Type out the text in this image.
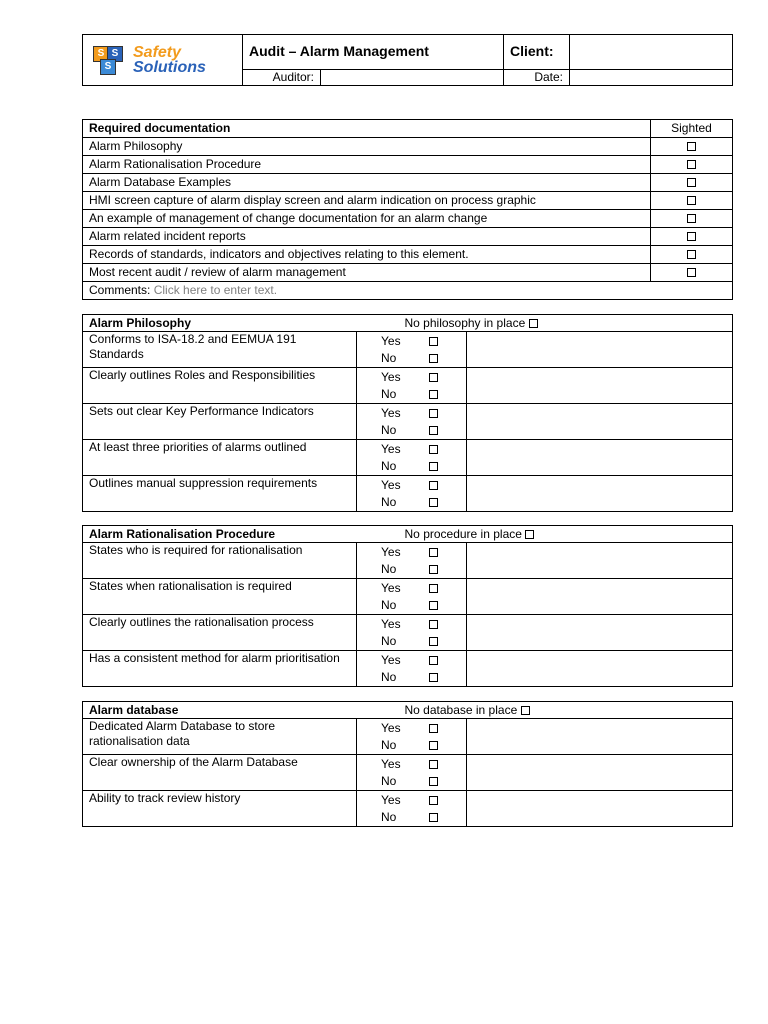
S S
S
Safety
Solutions	Audit – Alarm Management		Client:	
	Auditor:		Date:	
Required documentation	Sighted
Alarm Philosophy	
Alarm Rationalisation Procedure	
Alarm Database Examples	
HMI screen capture of alarm display screen and alarm indication on process graphic	
An example of management of change documentation for an alarm change	
Alarm related incident reports	
Records of standards, indicators and objectives relating to this element.	
Most recent audit / review of alarm management	
Comments: Click here to enter text.	
Alarm Philosophy		No philosophy in place	
Conforms to ISA-18.2 and EEMUA 191 Standards	Yes
No		

Clearly outlines Roles and Responsibilities	Yes
No		

Sets out clear Key Performance Indicators	Yes
No		

At least three priorities of alarms outlined	Yes
No		

Outlines manual suppression requirements	Yes
No		

Alarm Rationalisation Procedure		No procedure in place	
States who is required for rationalisation	Yes
No		

States when rationalisation is required	Yes
No		

Clearly outlines the rationalisation process	Yes
No		

Has a consistent method for alarm prioritisation	Yes
No		

Alarm database		No database in place	
Dedicated Alarm Database to store rationalisation data	Yes
No		

Clear ownership of the Alarm Database	Yes
No		

Ability to track review history	Yes
No		
